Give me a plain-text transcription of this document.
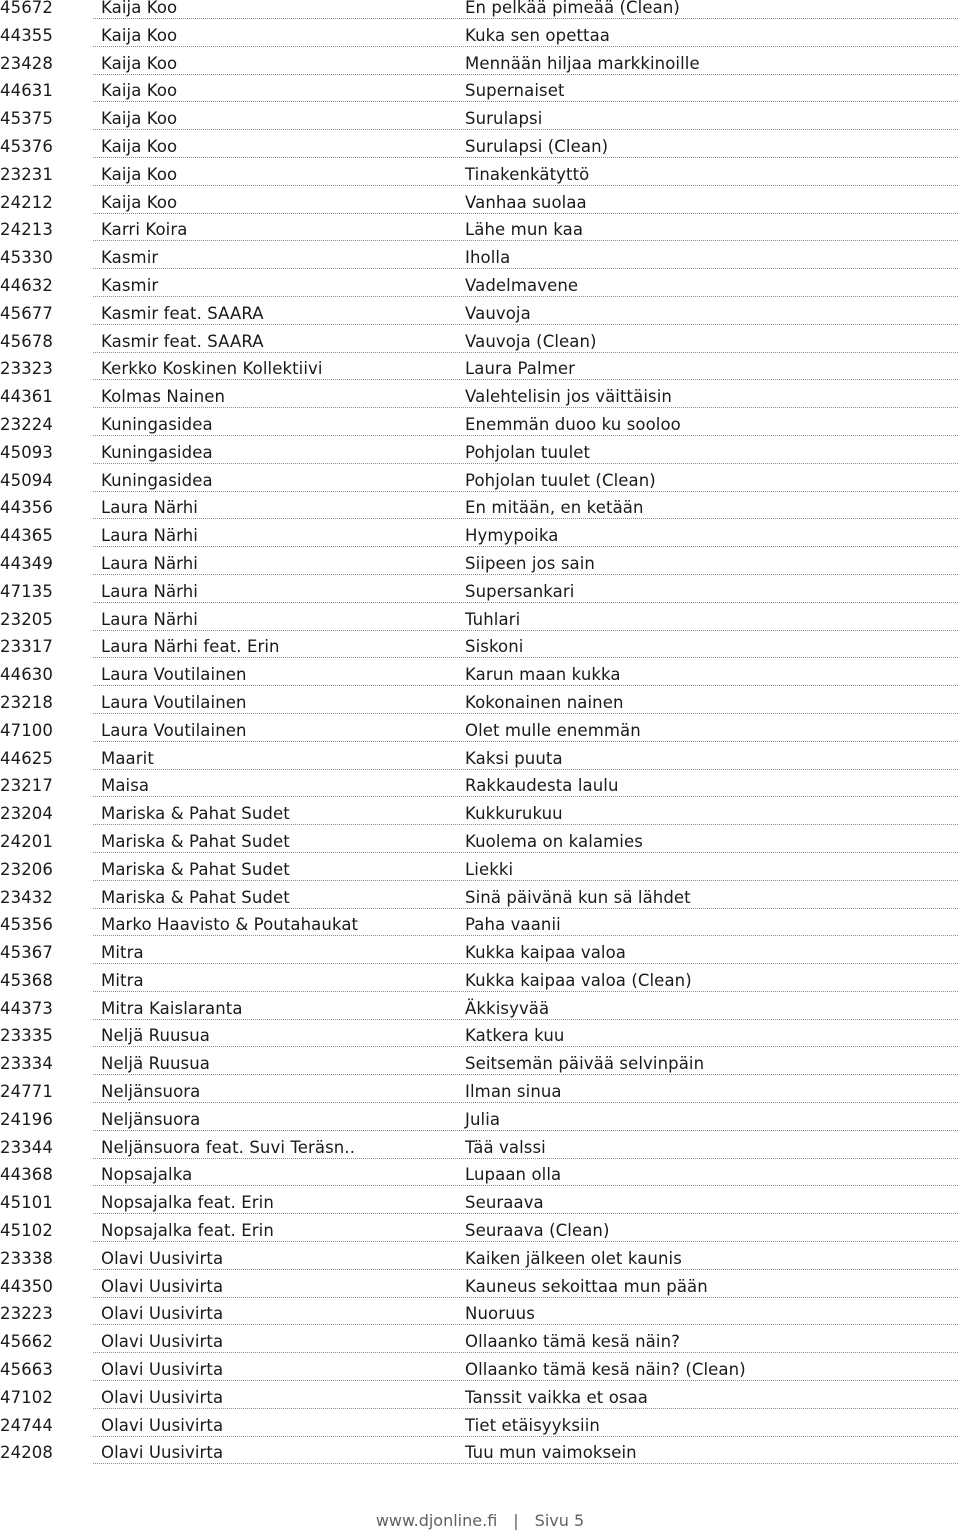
45672	Kaija Koo	En pelkää pimeää (Clean)
44355	Kaija Koo	Kuka sen opettaa
23428	Kaija Koo	Mennään hiljaa markkinoille
44631	Kaija Koo	Supernaiset
45375	Kaija Koo	Surulapsi
45376	Kaija Koo	Surulapsi (Clean)
23231	Kaija Koo	Tinakenkätyttö
24212	Kaija Koo	Vanhaa suolaa
24213	Karri Koira	Lähe mun kaa
45330	Kasmir	Iholla
44632	Kasmir	Vadelmavene
45677	Kasmir feat. SAARA	Vauvoja
45678	Kasmir feat. SAARA	Vauvoja (Clean)
23323	Kerkko Koskinen Kollektiivi	Laura Palmer
44361	Kolmas Nainen	Valehtelisin jos väittäisin
23224	Kuningasidea	Enemmän duoo ku sooloo
45093	Kuningasidea	Pohjolan tuulet
45094	Kuningasidea	Pohjolan tuulet (Clean)
44356	Laura Närhi	En mitään, en ketään
44365	Laura Närhi	Hymypoika
44349	Laura Närhi	Siipeen jos sain
47135	Laura Närhi	Supersankari
23205	Laura Närhi	Tuhlari
23317	Laura Närhi feat. Erin	Siskoni
44630	Laura Voutilainen	Karun maan kukka
23218	Laura Voutilainen	Kokonainen nainen
47100	Laura Voutilainen	Olet mulle enemmän
44625	Maarit	Kaksi puuta
23217	Maisa	Rakkaudesta laulu
23204	Mariska & Pahat Sudet	Kukkurukuu
24201	Mariska & Pahat Sudet	Kuolema on kalamies
23206	Mariska & Pahat Sudet	Liekki
23432	Mariska & Pahat Sudet	Sinä päivänä kun sä lähdet
45356	Marko Haavisto & Poutahaukat	Paha vaanii
45367	Mitra	Kukka kaipaa valoa
45368	Mitra	Kukka kaipaa valoa (Clean)
44373	Mitra Kaislaranta	Äkkisyvää
23335	Neljä Ruusua	Katkera kuu
23334	Neljä Ruusua	Seitsemän päivää selvinpäin
24771	Neljänsuora	Ilman sinua
24196	Neljänsuora	Julia
23344	Neljänsuora feat. Suvi Teräsn..	Tää valssi
44368	Nopsajalka	Lupaan olla
45101	Nopsajalka feat. Erin	Seuraava
45102	Nopsajalka feat. Erin	Seuraava (Clean)
23338	Olavi Uusivirta	Kaiken jälkeen olet kaunis
44350	Olavi Uusivirta	Kauneus sekoittaa mun pään
23223	Olavi Uusivirta	Nuoruus
45662	Olavi Uusivirta	Ollaanko tämä kesä näin?
45663	Olavi Uusivirta	Ollaanko tämä kesä näin? (Clean)
47102	Olavi Uusivirta	Tanssit vaikka et osaa
24744	Olavi Uusivirta	Tiet etäisyyksiin
24208	Olavi Uusivirta	Tuu mun vaimoksein
www.djonline.fi | Sivu 5
